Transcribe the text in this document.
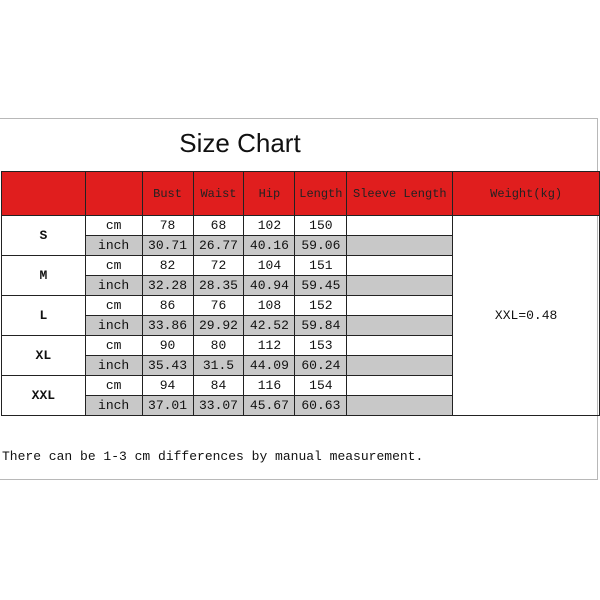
Size Chart
		Bust	Waist	Hip	Length	Sleeve Length	Weight(kg)
S	cm	78	68	102	150		XXL=0.48
	inch	30.71	26.77	40.16	59.06		
M	cm	82	72	104	151		
	inch	32.28	28.35	40.94	59.45		
L	cm	86	76	108	152		
	inch	33.86	29.92	42.52	59.84		
XL	cm	90	80	112	153		
	inch	35.43	31.5	44.09	60.24		
XXL	cm	94	84	116	154		
	inch	37.01	33.07	45.67	60.63		
There can be 1-3 cm differences by manual measurement.
